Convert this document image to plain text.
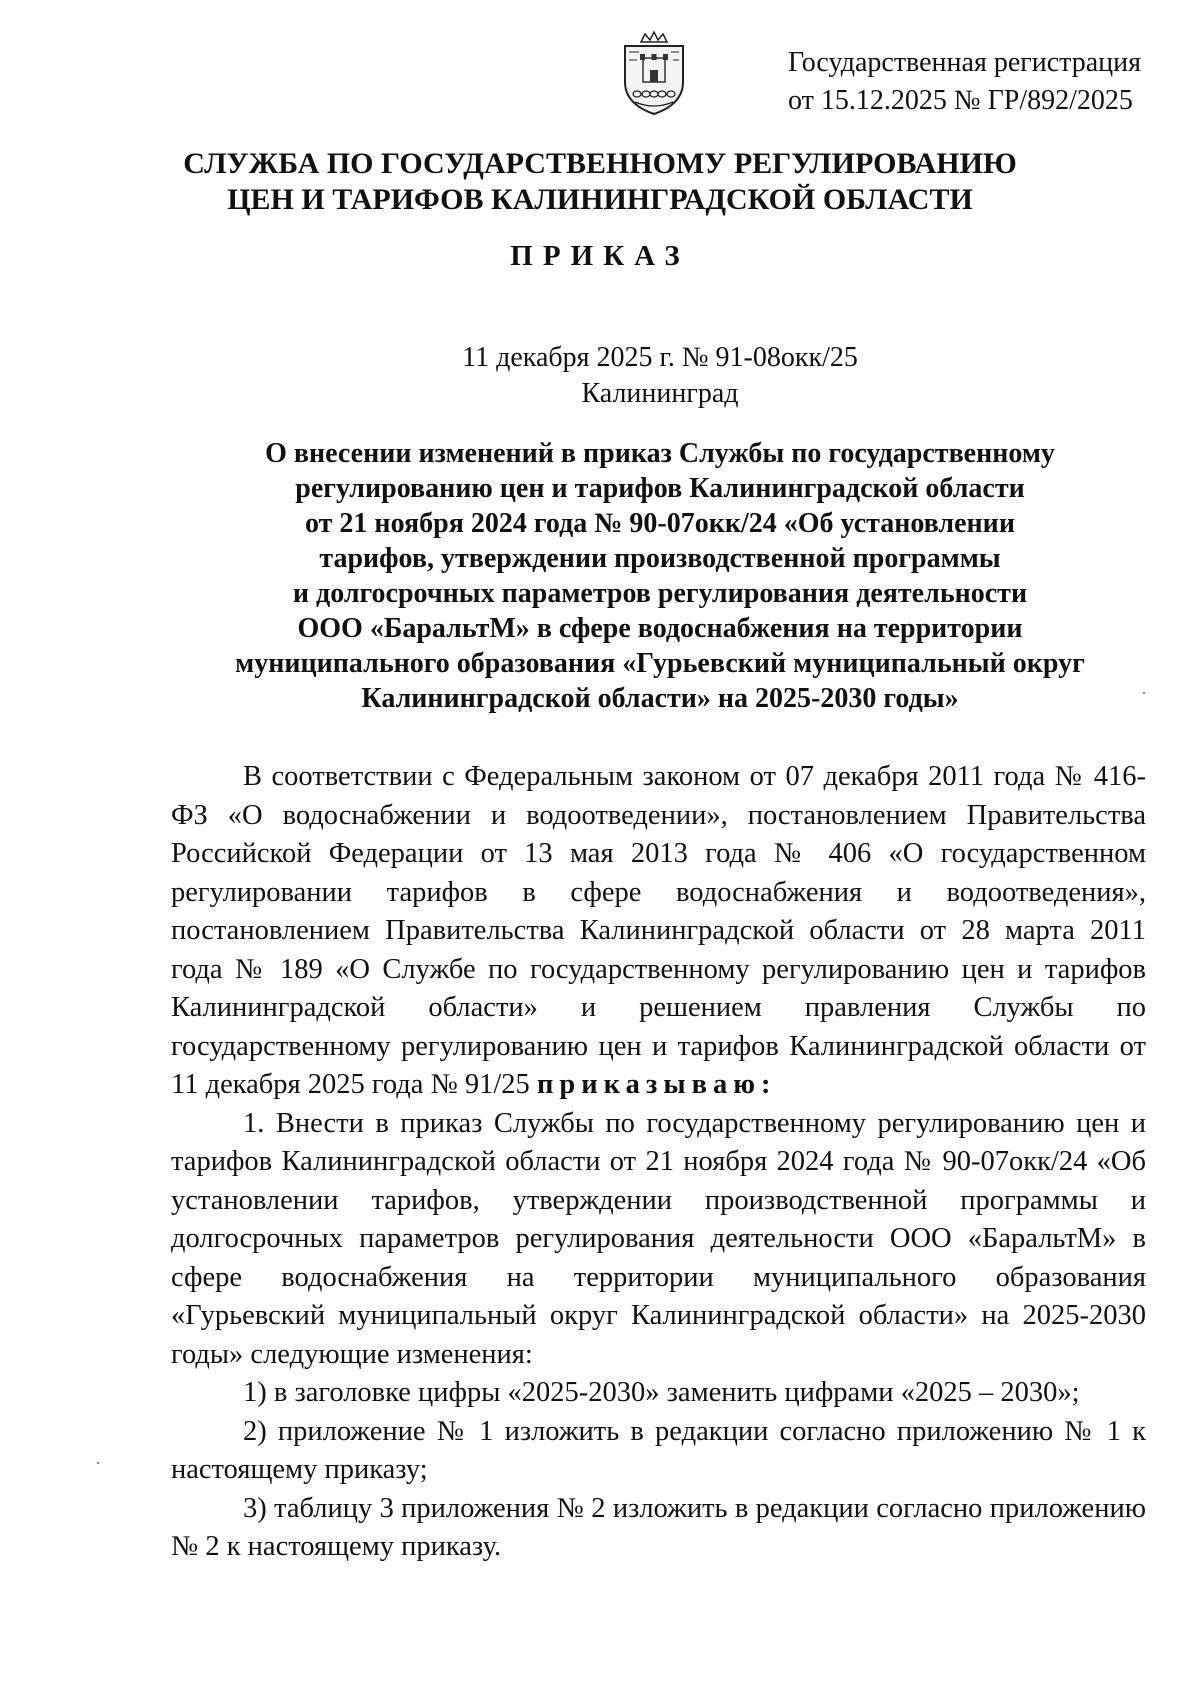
Государственная регистрация
от 15.12.2025 № ГР/892/2025
СЛУЖБА ПО ГОСУДАРСТВЕННОМУ РЕГУЛИРОВАНИЮ
ЦЕН И ТАРИФОВ КАЛИНИНГРАДСКОЙ ОБЛАСТИ
ПРИКАЗ
11 декабря 2025 г. № 91-08окк/25
Калининград
О внесении изменений в приказ Службы по государственному
регулированию цен и тарифов Калининградской области
от 21 ноября 2024 года № 90-07окк/24 «Об установлении
тарифов, утверждении производственной программы
и долгосрочных параметров регулирования деятельности
ООО «БаральтМ» в сфере водоснабжения на территории
муниципального образования «Гурьевский муниципальный округ
Калининградской области» на 2025-2030 годы»

В соответствии с Федеральным законом от 07 декабря 2011 года № 416-ФЗ «О водоснабжении и водоотведении», постановлением Правительства Российской Федерации от 13 мая 2013 года № 406 «О государственном регулировании тарифов в сфере водоснабжения и водоотведения», постановлением Правительства Калининградской области от 28 марта 2011 года № 189 «О Службе по государственному регулированию цен и тарифов Калининградской области» и решением правления Службы по государственному регулированию цен и тарифов Калининградской области от 11 декабря 2025 года № 91/25 приказываю:

1. Внести в приказ Службы по государственному регулированию цен и тарифов Калининградской области от 21 ноября 2024 года № 90-07окк/24 «Об установлении тарифов, утверждении производственной программы и долгосрочных параметров регулирования деятельности ООО «БаральтМ» в сфере водоснабжения на территории муниципального образования «Гурьевский муниципальный округ Калининградской области» на 2025-2030 годы» следующие изменения:

1) в заголовке цифры «2025-2030» заменить цифрами «2025 – 2030»;

2) приложение № 1 изложить в редакции согласно приложению № 1 к настоящему приказу;

3) таблицу 3 приложения № 2 изложить в редакции согласно приложению № 2 к настоящему приказу.
